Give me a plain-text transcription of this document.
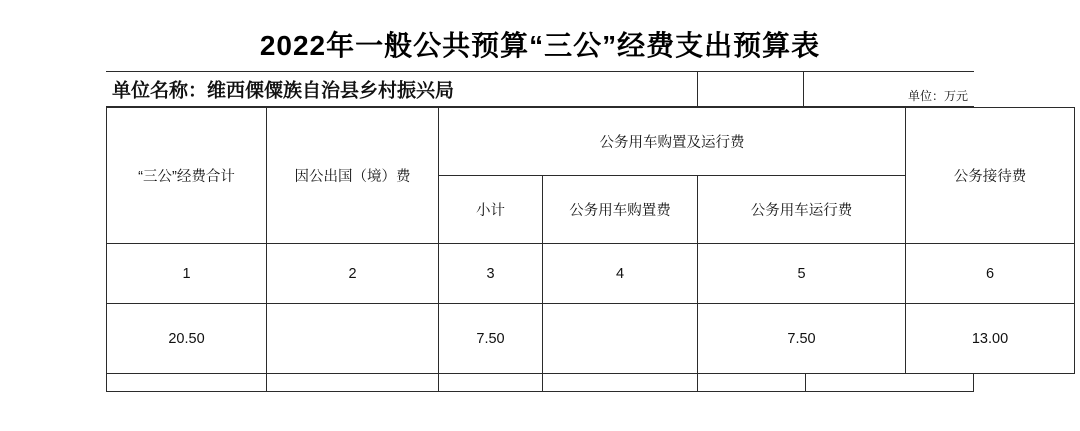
2022年一般公共预算“三公”经费支出预算表
单位名称：维西傈僳族自治县乡村振兴局	单位：万元
“三公”经费合计	因公出国（境）费	公务用车购置及运行费			公务接待费
		小计	公务用车购置费	公务用车运行费	
1	2	3	4	5	6
20.50		7.50		7.50	13.00
